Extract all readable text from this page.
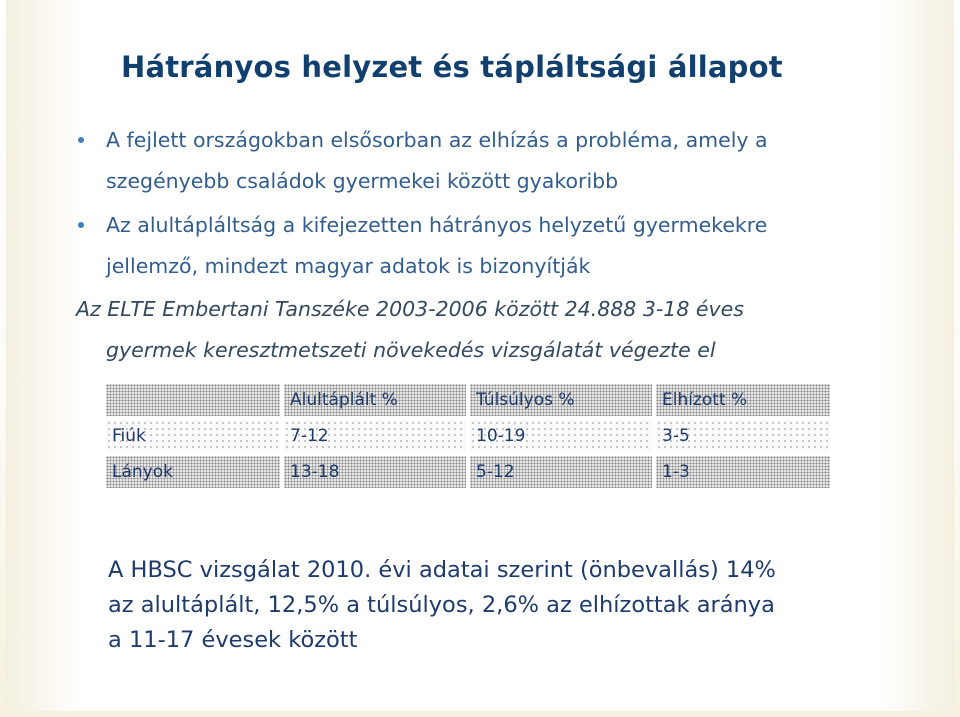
Hátrányos helyzet és tápláltsági állapot
A fejlett országokban elsősorban az elhízás a probléma, amely a
szegényebb családok gyermekei között gyakoribb
Az alultápláltság a kifejezetten hátrányos helyzetű gyermekekre
jellemző, mindezt magyar adatok is bizonyítják
Az ELTE Embertani Tanszéke 2003-2006 között 24.888 3-18 éves
gyermek keresztmetszeti növekedés vizsgálatát végezte el
	Alultáplált %	Túlsúlyos %	Elhízott %
Fiúk	7-12	10-19	3-5
Lányok	13-18	5-12	1-3
A HBSC vizsgálat 2010. évi adatai szerint (önbevallás) 14%
az alultáplált, 12,5% a túlsúlyos, 2,6% az elhízottak aránya
a 11-17 évesek között
